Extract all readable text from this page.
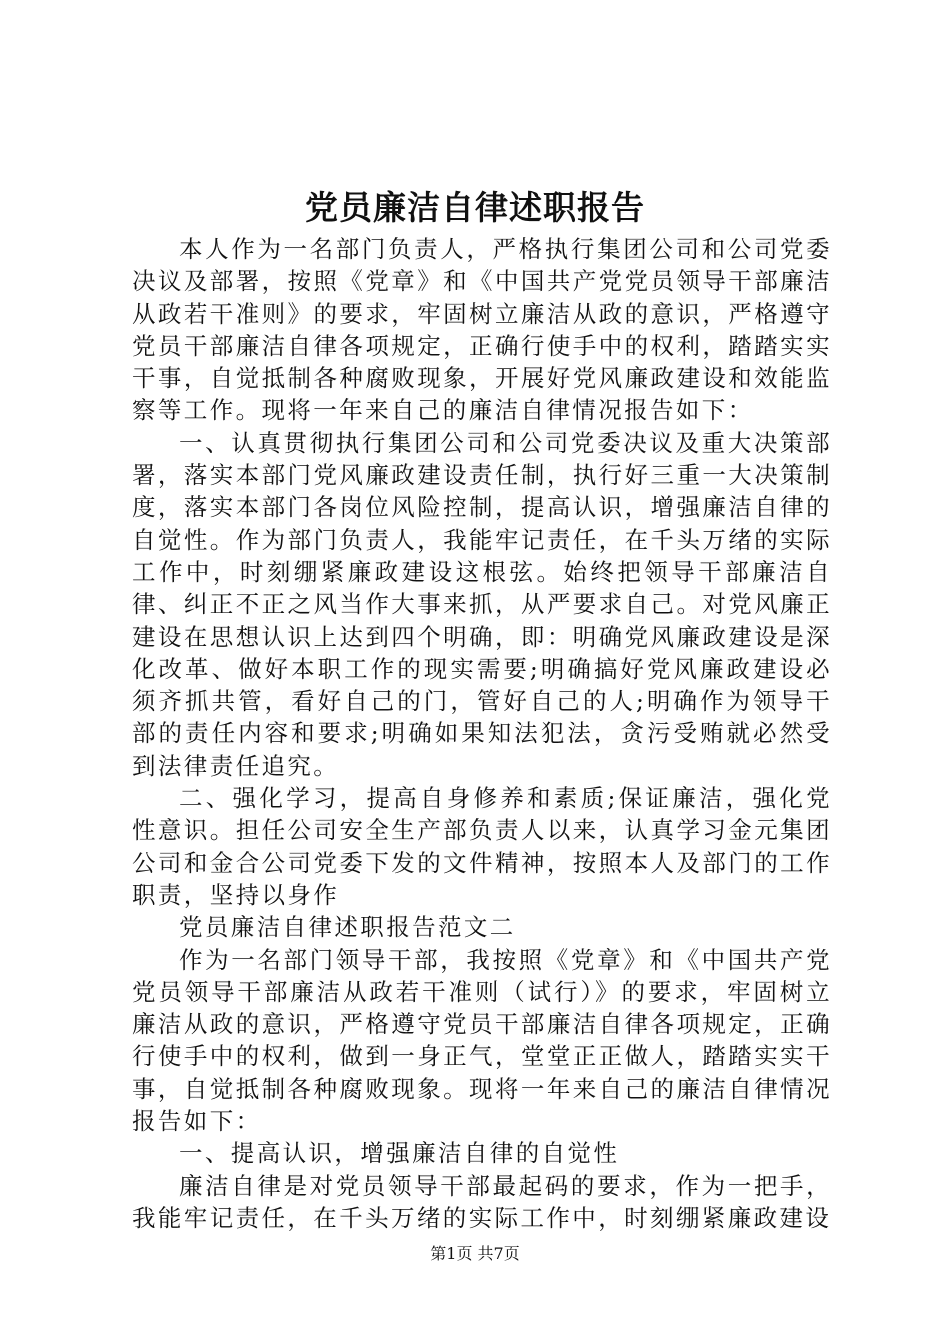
党员廉洁自律述职报告

本人作为一名部门负责人，严格执行集团公司和公司党委决议及部署，按照《党章》和《中国共产党党员领导干部廉洁从政若干准则》的要求，牢固树立廉洁从政的意识，严格遵守党员干部廉洁自律各项规定，正确行使手中的权利，踏踏实实干事，自觉抵制各种腐败现象，开展好党风廉政建设和效能监察等工作。现将一年来自己的廉洁自律情况报告如下：

一、认真贯彻执行集团公司和公司党委决议及重大决策部署，落实本部门党风廉政建设责任制，执行好三重一大决策制度，落实本部门各岗位风险控制，提高认识，增强廉洁自律的自觉性。作为部门负责人，我能牢记责任，在千头万绪的实际工作中，时刻绷紧廉政建设这根弦。始终把领导干部廉洁自律、纠正不正之风当作大事来抓，从严要求自己。对党风廉正建设在思想认识上达到四个明确，即：明确党风廉政建设是深化改革、做好本职工作的现实需要;明确搞好党风廉政建设必须齐抓共管，看好自己的门，管好自己的人;明确作为领导干部的责任内容和要求;明确如果知法犯法，贪污受贿就必然受到法律责任追究。

二、强化学习，提高自身修养和素质;保证廉洁，强化党性意识。担任公司安全生产部负责人以来，认真学习金元集团公司和金合公司党委下发的文件精神，按照本人及部门的工作职责，坚持以身作

党员廉洁自律述职报告范文二

作为一名部门领导干部，我按照《党章》和《中国共产党党员领导干部廉洁从政若干准则（试行）》的要求，牢固树立廉洁从政的意识，严格遵守党员干部廉洁自律各项规定，正确行使手中的权利，做到一身正气，堂堂正正做人，踏踏实实干事，自觉抵制各种腐败现象。现将一年来自己的廉洁自律情况报告如下：

一、提高认识，增强廉洁自律的自觉性

廉洁自律是对党员领导干部最起码的要求，作为一把手，我能牢记责任，在千头万绪的实际工作中，时刻绷紧廉政建设

第1页 共7页
